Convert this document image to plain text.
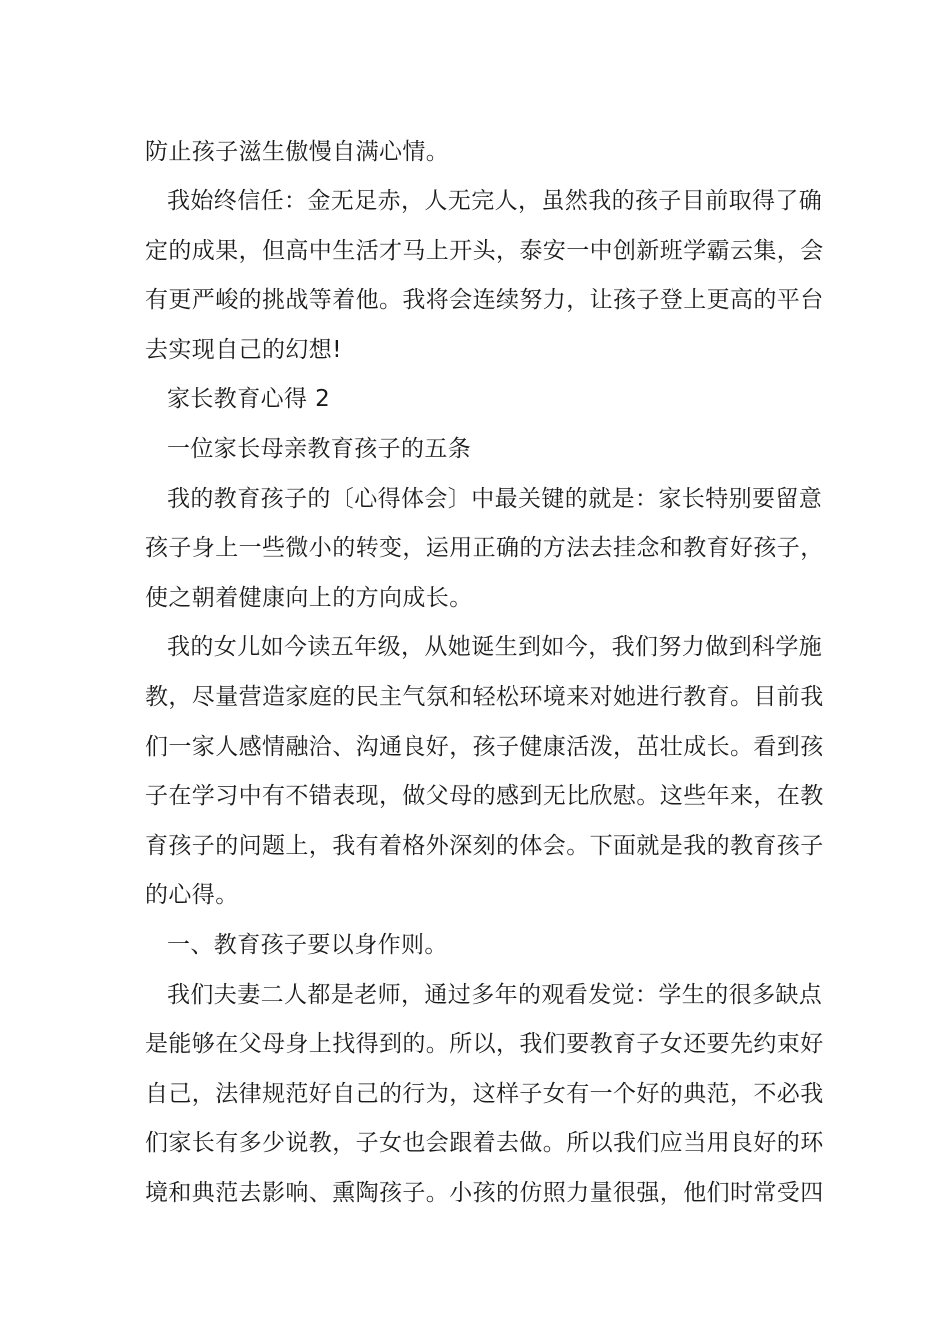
防止孩子滋生傲慢自满心情。
我始终信任：金无足赤，人无完人，虽然我的孩子目前取得了确
定的成果，但高中生活才马上开头，泰安一中创新班学霸云集，会
有更严峻的挑战等着他。我将会连续努力，让孩子登上更高的平台
去实现自己的幻想!
家长教育心得 2
一位家长母亲教育孩子的五条
我的教育孩子的〔心得体会〕中最关键的就是：家长特别要留意
孩子身上一些微小的转变，运用正确的方法去挂念和教育好孩子，
使之朝着健康向上的方向成长。
我的女儿如今读五年级，从她诞生到如今，我们努力做到科学施
教，尽量营造家庭的民主气氛和轻松环境来对她进行教育。目前我
们一家人感情融洽、沟通良好，孩子健康活泼，茁壮成长。看到孩
子在学习中有不错表现，做父母的感到无比欣慰。这些年来，在教
育孩子的问题上，我有着格外深刻的体会。下面就是我的教育孩子
的心得。
一、教育孩子要以身作则。
我们夫妻二人都是老师，通过多年的观看发觉：学生的很多缺点
是能够在父母身上找得到的。所以，我们要教育子女还要先约束好
自己，法律规范好自己的行为，这样子女有一个好的典范，不必我
们家长有多少说教，子女也会跟着去做。所以我们应当用良好的环
境和典范去影响、熏陶孩子。小孩的仿照力量很强，他们时常受四
